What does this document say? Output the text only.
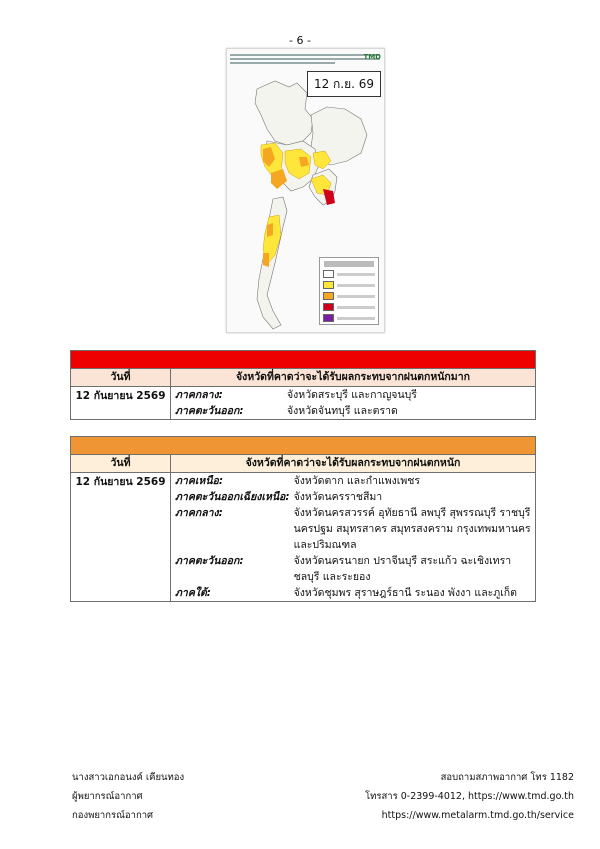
- 6 -
TMD
12 ก.ย. 69

วันที่	จังหวัดที่คาดว่าจะได้รับผลกระทบจากฝนตกหนักมาก
12 กันยายน 2569	ภาคกลาง:	จังหวัดสระบุรี และกาญจนบุรี
ภาคตะวันออก:	จังหวัดจันทบุรี และตราด

วันที่	จังหวัดที่คาดว่าจะได้รับผลกระทบจากฝนตกหนัก
12 กันยายน 2569	ภาคเหนือ:	จังหวัดตาก และกำแพงเพชร

ภาคตะวันออกเฉียงเหนือ:	จังหวัดนครราชสีมา

ภาคกลาง:	จังหวัดนครสวรรค์ อุทัยธานี ลพบุรี สุพรรณบุรี ราชบุรี
นครปฐม สมุทรสาคร สมุทรสงคราม กรุงเทพมหานคร
และปริมณฑล

ภาคตะวันออก:	จังหวัดนครนายก ปราจีนบุรี สระแก้ว ฉะเชิงเทรา
ชลบุรี และระยอง

ภาคใต้:	จังหวัดชุมพร สุราษฎร์ธานี ระนอง พังงา และภูเก็ต
นางสาวเอกอนงค์ เคียนทอง
ผู้พยากรณ์อากาศ
กองพยากรณ์อากาศ
สอบถามสภาพอากาศ โทร 1182
โทรสาร 0-2399-4012, https://www.tmd.go.th
https://www.metalarm.tmd.go.th/service
